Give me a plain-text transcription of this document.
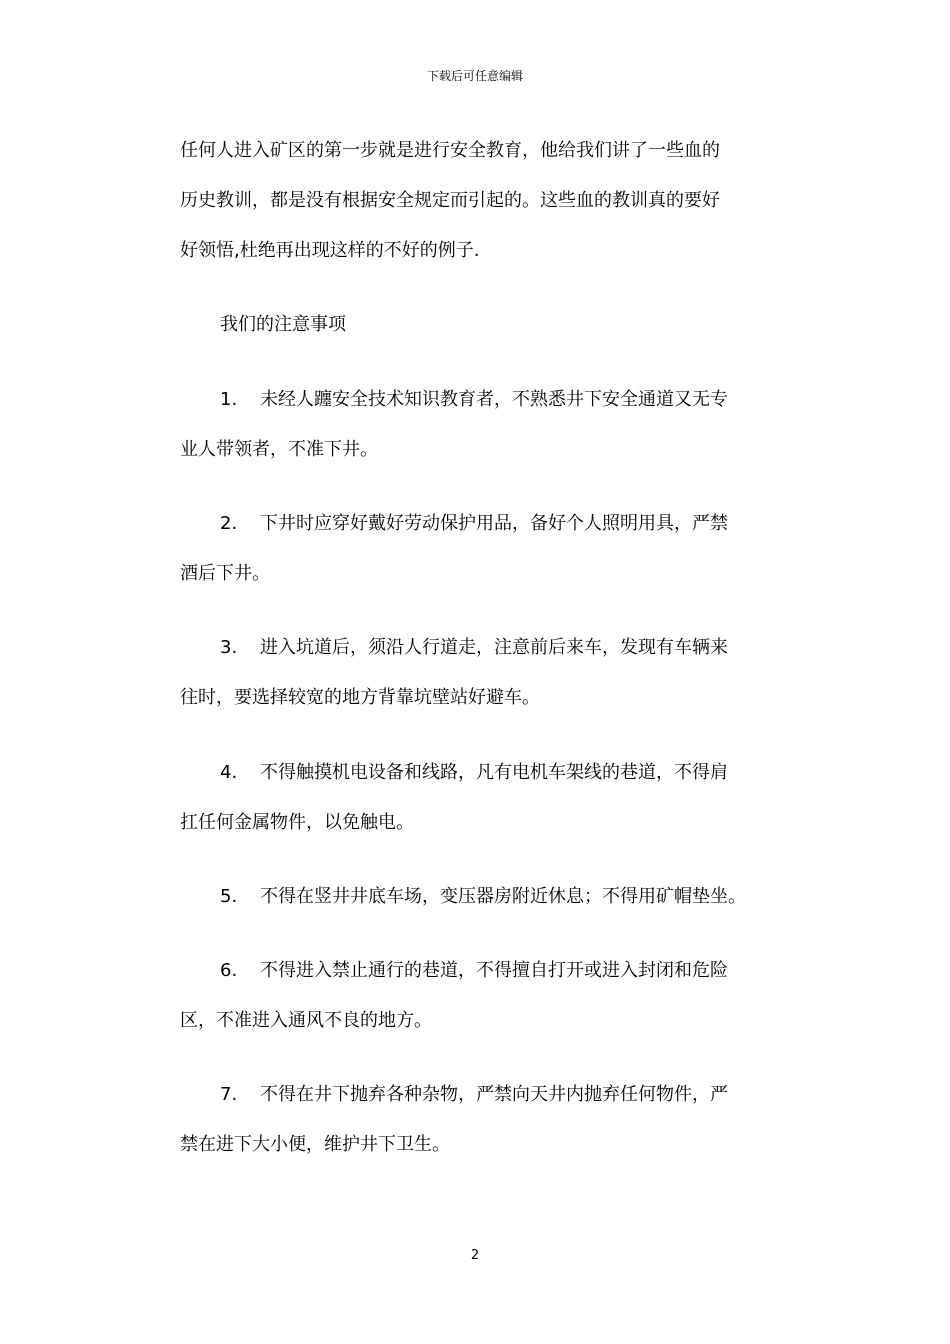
下载后可任意编辑
任何人进入矿区的第一步就是进行安全教育，他给我们讲了一些血的
历史教训，都是没有根据安全规定而引起的。这些血的教训真的要好
好领悟,杜绝再出现这样的不好的例子.
我们的注意事项
1. 未经人躔安全技术知识教育者，不熟悉井下安全通道又无专
业人带领者，不准下井。
2. 下井时应穿好戴好劳动保护用品，备好个人照明用具，严禁
酒后下井。
3. 进入坑道后，须沿人行道走，注意前后来车，发现有车辆来
往时，要选择较宽的地方背靠坑壁站好避车。
4. 不得触摸机电设备和线路，凡有电机车架线的巷道，不得肩
扛任何金属物件，以免触电。
5. 不得在竖井井底车场，变压器房附近休息；不得用矿帽垫坐。
6. 不得进入禁止通行的巷道，不得擅自打开或进入封闭和危险
区，不准进入通风不良的地方。
7. 不得在井下抛弃各种杂物，严禁向天井内抛弃任何物件，严
禁在进下大小便，维护井下卫生。
2
